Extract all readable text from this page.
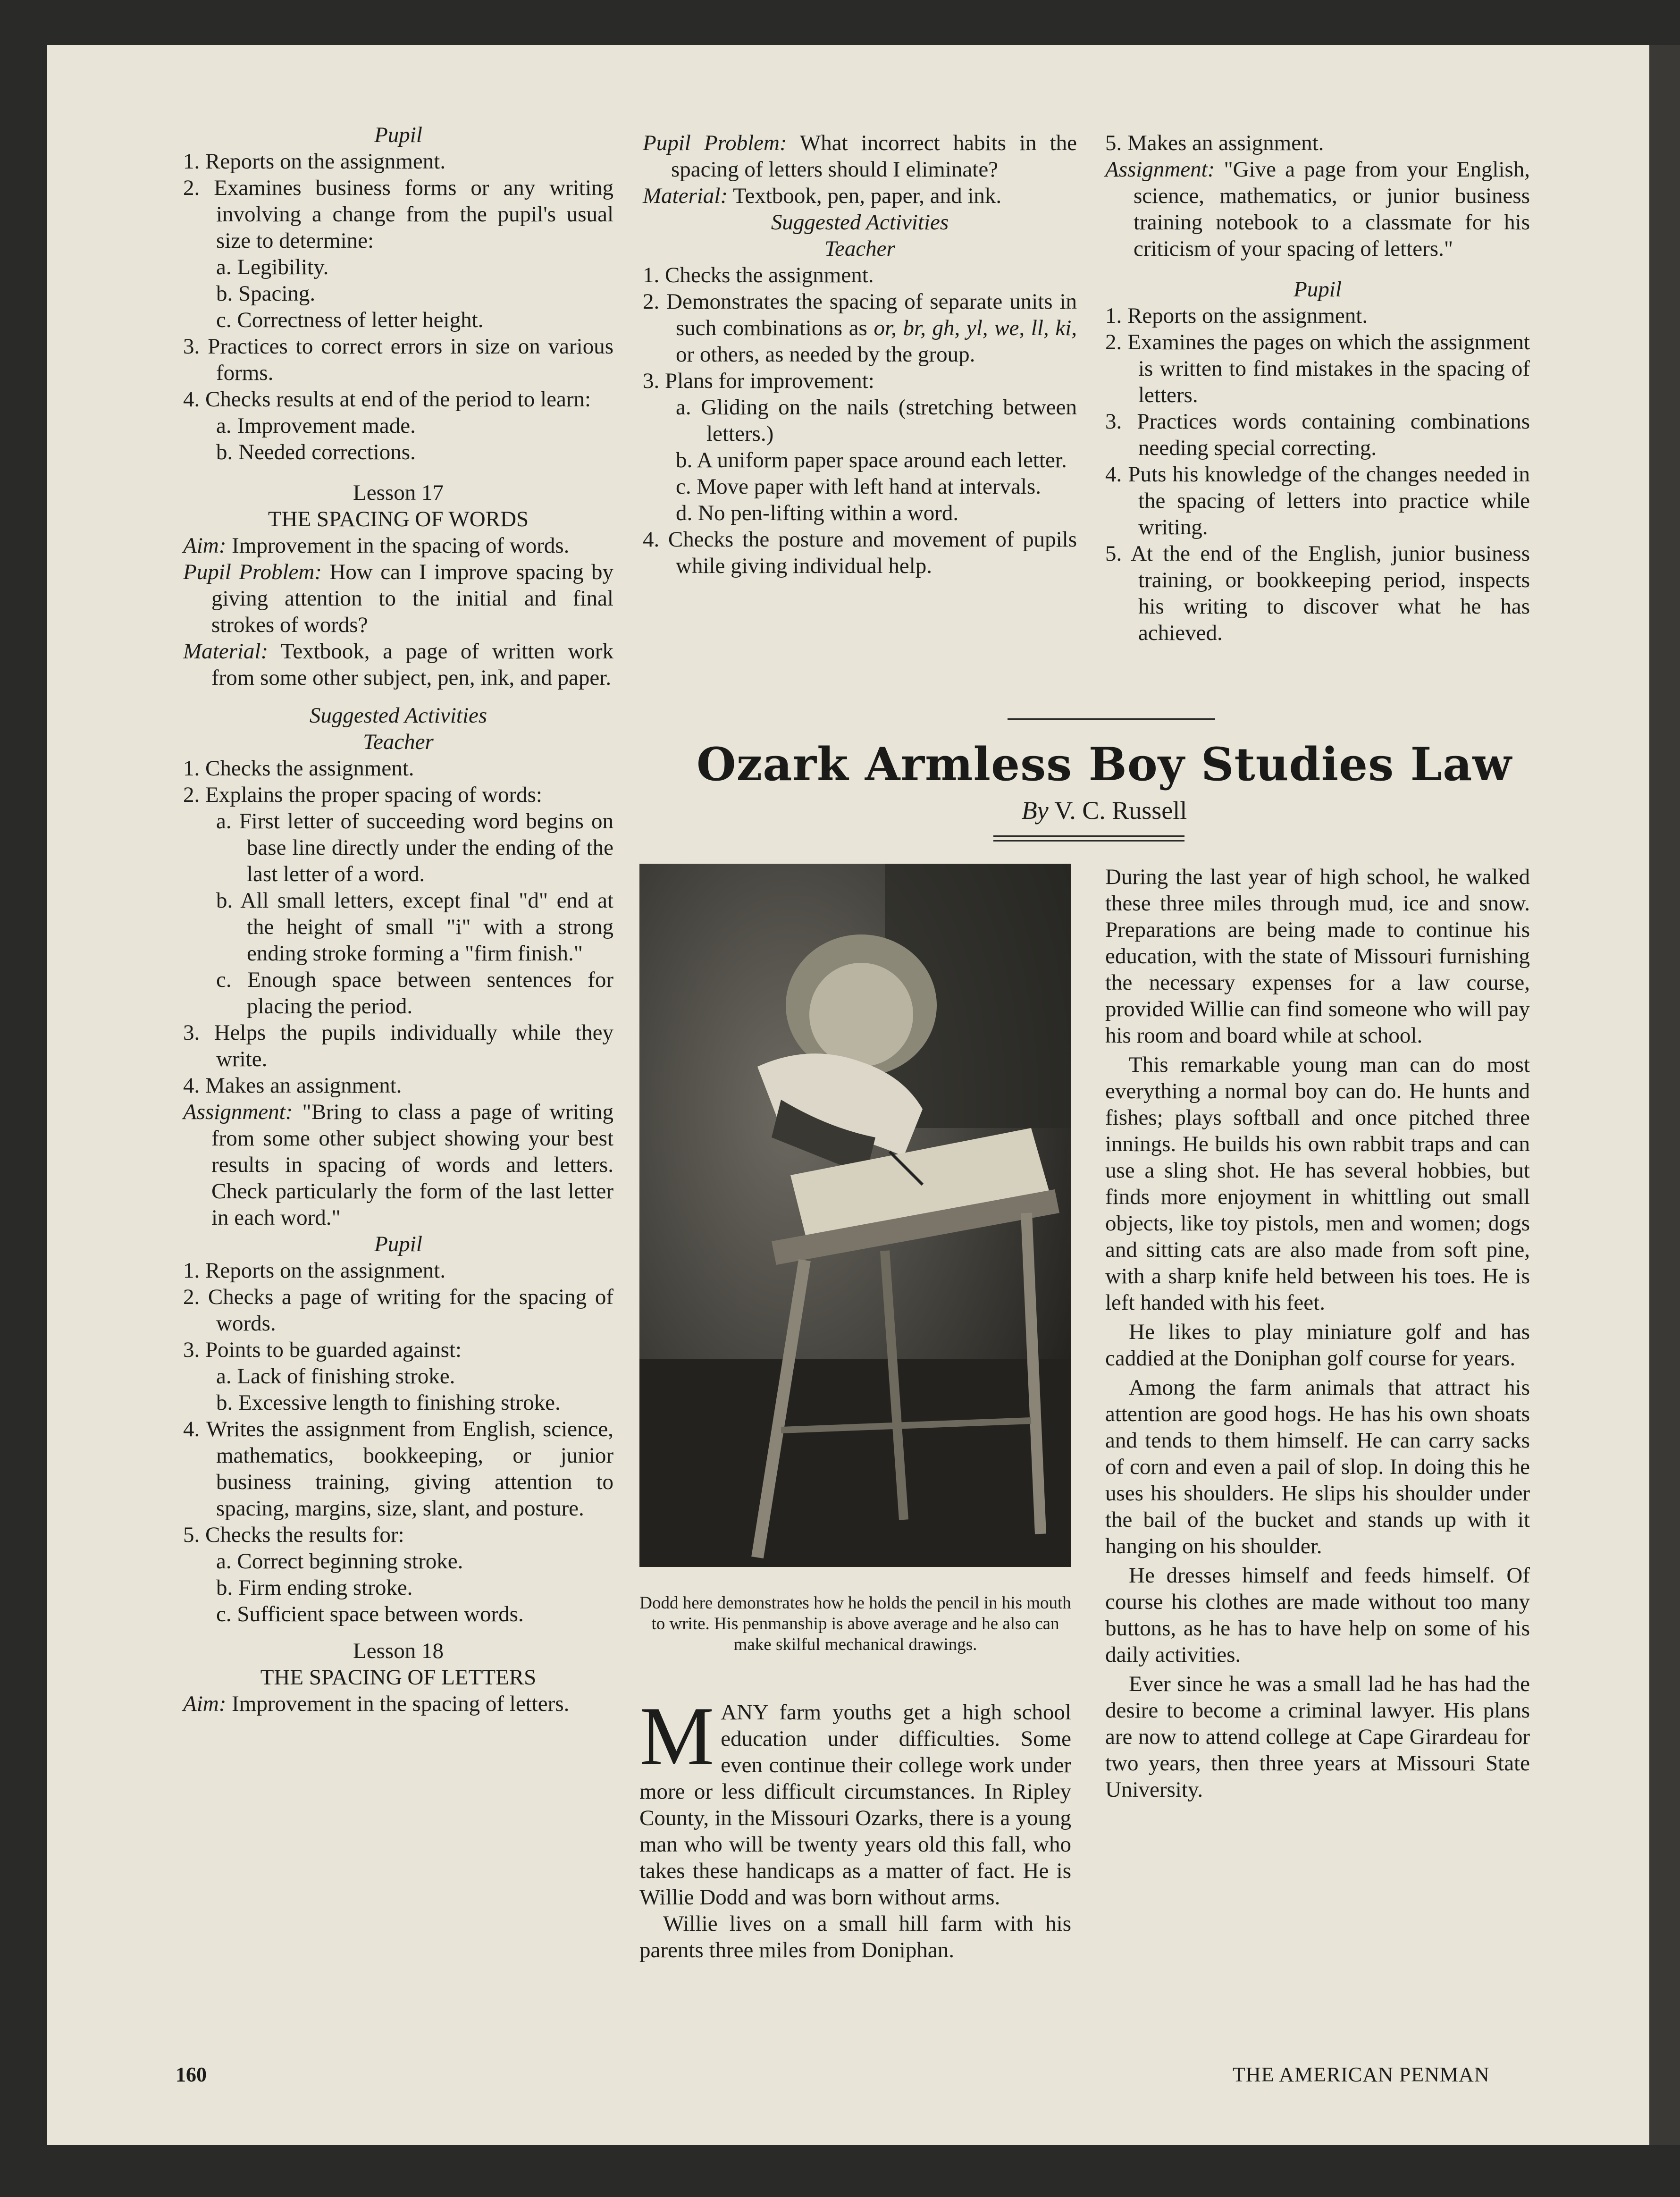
Pupil

1. Reports on the assignment.

2. Examines business forms or any writing involving a change from the pupil's usual size to determine:

a. Legibility.

b. Spacing.

c. Correctness of letter height.

3. Practices to correct errors in size on various forms.

4. Checks results at end of the period to learn:

a. Improvement made.

b. Needed corrections.

Lesson 17

THE SPACING OF WORDS

Aim: Improvement in the spacing of words.

Pupil Problem: How can I improve spacing by giving attention to the initial and final strokes of words?

Material: Textbook, a page of written work from some other subject, pen, ink, and paper.

Suggested Activities

Teacher

1. Checks the assignment.

2. Explains the proper spacing of words:

a. First letter of succeeding word begins on base line directly under the ending of the last letter of a word.

b. All small letters, except final "d" end at the height of small "i" with a strong ending stroke forming a "firm finish."

c. Enough space between sentences for placing the period.

3. Helps the pupils individually while they write.

4. Makes an assignment.

Assignment: "Bring to class a page of writing from some other subject showing your best results in spacing of words and letters. Check particularly the form of the last letter in each word."

Pupil

1. Reports on the assignment.

2. Checks a page of writing for the spacing of words.

3. Points to be guarded against:

a. Lack of finishing stroke.

b. Excessive length to finishing stroke.

4. Writes the assignment from English, science, mathematics, bookkeeping, or junior business training, giving attention to spacing, margins, size, slant, and posture.

5. Checks the results for:

a. Correct beginning stroke.

b. Firm ending stroke.

c. Sufficient space between words.

Lesson 18

THE SPACING OF LETTERS

Aim: Improvement in the spacing of letters.

Pupil Problem: What incorrect habits in the spacing of letters should I eliminate?

Material: Textbook, pen, paper, and ink.

Suggested Activities

Teacher

1. Checks the assignment.

2. Demonstrates the spacing of separate units in such combinations as or, br, gh, yl, we, ll, ki, or others, as needed by the group.

3. Plans for improvement:

a. Gliding on the nails (stretching between letters.)

b. A uniform paper space around each letter.

c. Move paper with left hand at intervals.

d. No pen-lifting within a word.

4. Checks the posture and movement of pupils while giving individual help.

5. Makes an assignment.

Assignment: "Give a page from your English, science, mathematics, or junior business training notebook to a classmate for his criticism of your spacing of letters."

Pupil

1. Reports on the assignment.

2. Examines the pages on which the assignment is written to find mistakes in the spacing of letters.

3. Practices words containing combinations needing special correcting.

4. Puts his knowledge of the changes needed in the spacing of letters into practice while writing.

5. At the end of the English, junior business training, or bookkeeping period, inspects his writing to discover what he has achieved.

Ozark Armless Boy Studies Law
By V. C. Russell
Dodd here demonstrates how he holds the pencil in his mouth to write. His penmanship is above average and he also can make skilful mechanical drawings.

MANY farm youths get a high school education under difficulties. Some even continue their college work under more or less difficult circumstances. In Ripley County, in the Missouri Ozarks, there is a young man who will be twenty years old this fall, who takes these handicaps as a matter of fact. He is Willie Dodd and was born without arms.

Willie lives on a small hill farm with his parents three miles from Doniphan.

During the last year of high school, he walked these three miles through mud, ice and snow. Preparations are being made to continue his education, with the state of Missouri furnishing the necessary expenses for a law course, provided Willie can find someone who will pay his room and board while at school.

This remarkable young man can do most everything a normal boy can do. He hunts and fishes; plays softball and once pitched three innings. He builds his own rabbit traps and can use a sling shot. He has several hobbies, but finds more enjoyment in whittling out small objects, like toy pistols, men and women; dogs and sitting cats are also made from soft pine, with a sharp knife held between his toes. He is left handed with his feet.

He likes to play miniature golf and has caddied at the Doniphan golf course for years.

Among the farm animals that attract his attention are good hogs. He has his own shoats and tends to them himself. He can carry sacks of corn and even a pail of slop. In doing this he uses his shoulders. He slips his shoulder under the bail of the bucket and stands up with it hanging on his shoulder.

He dresses himself and feeds himself. Of course his clothes are made without too many buttons, as he has to have help on some of his daily activities.

Ever since he was a small lad he has had the desire to become a criminal lawyer. His plans are now to attend college at Cape Girardeau for two years, then three years at Missouri State University.

160	THE AMERICAN PENMAN
